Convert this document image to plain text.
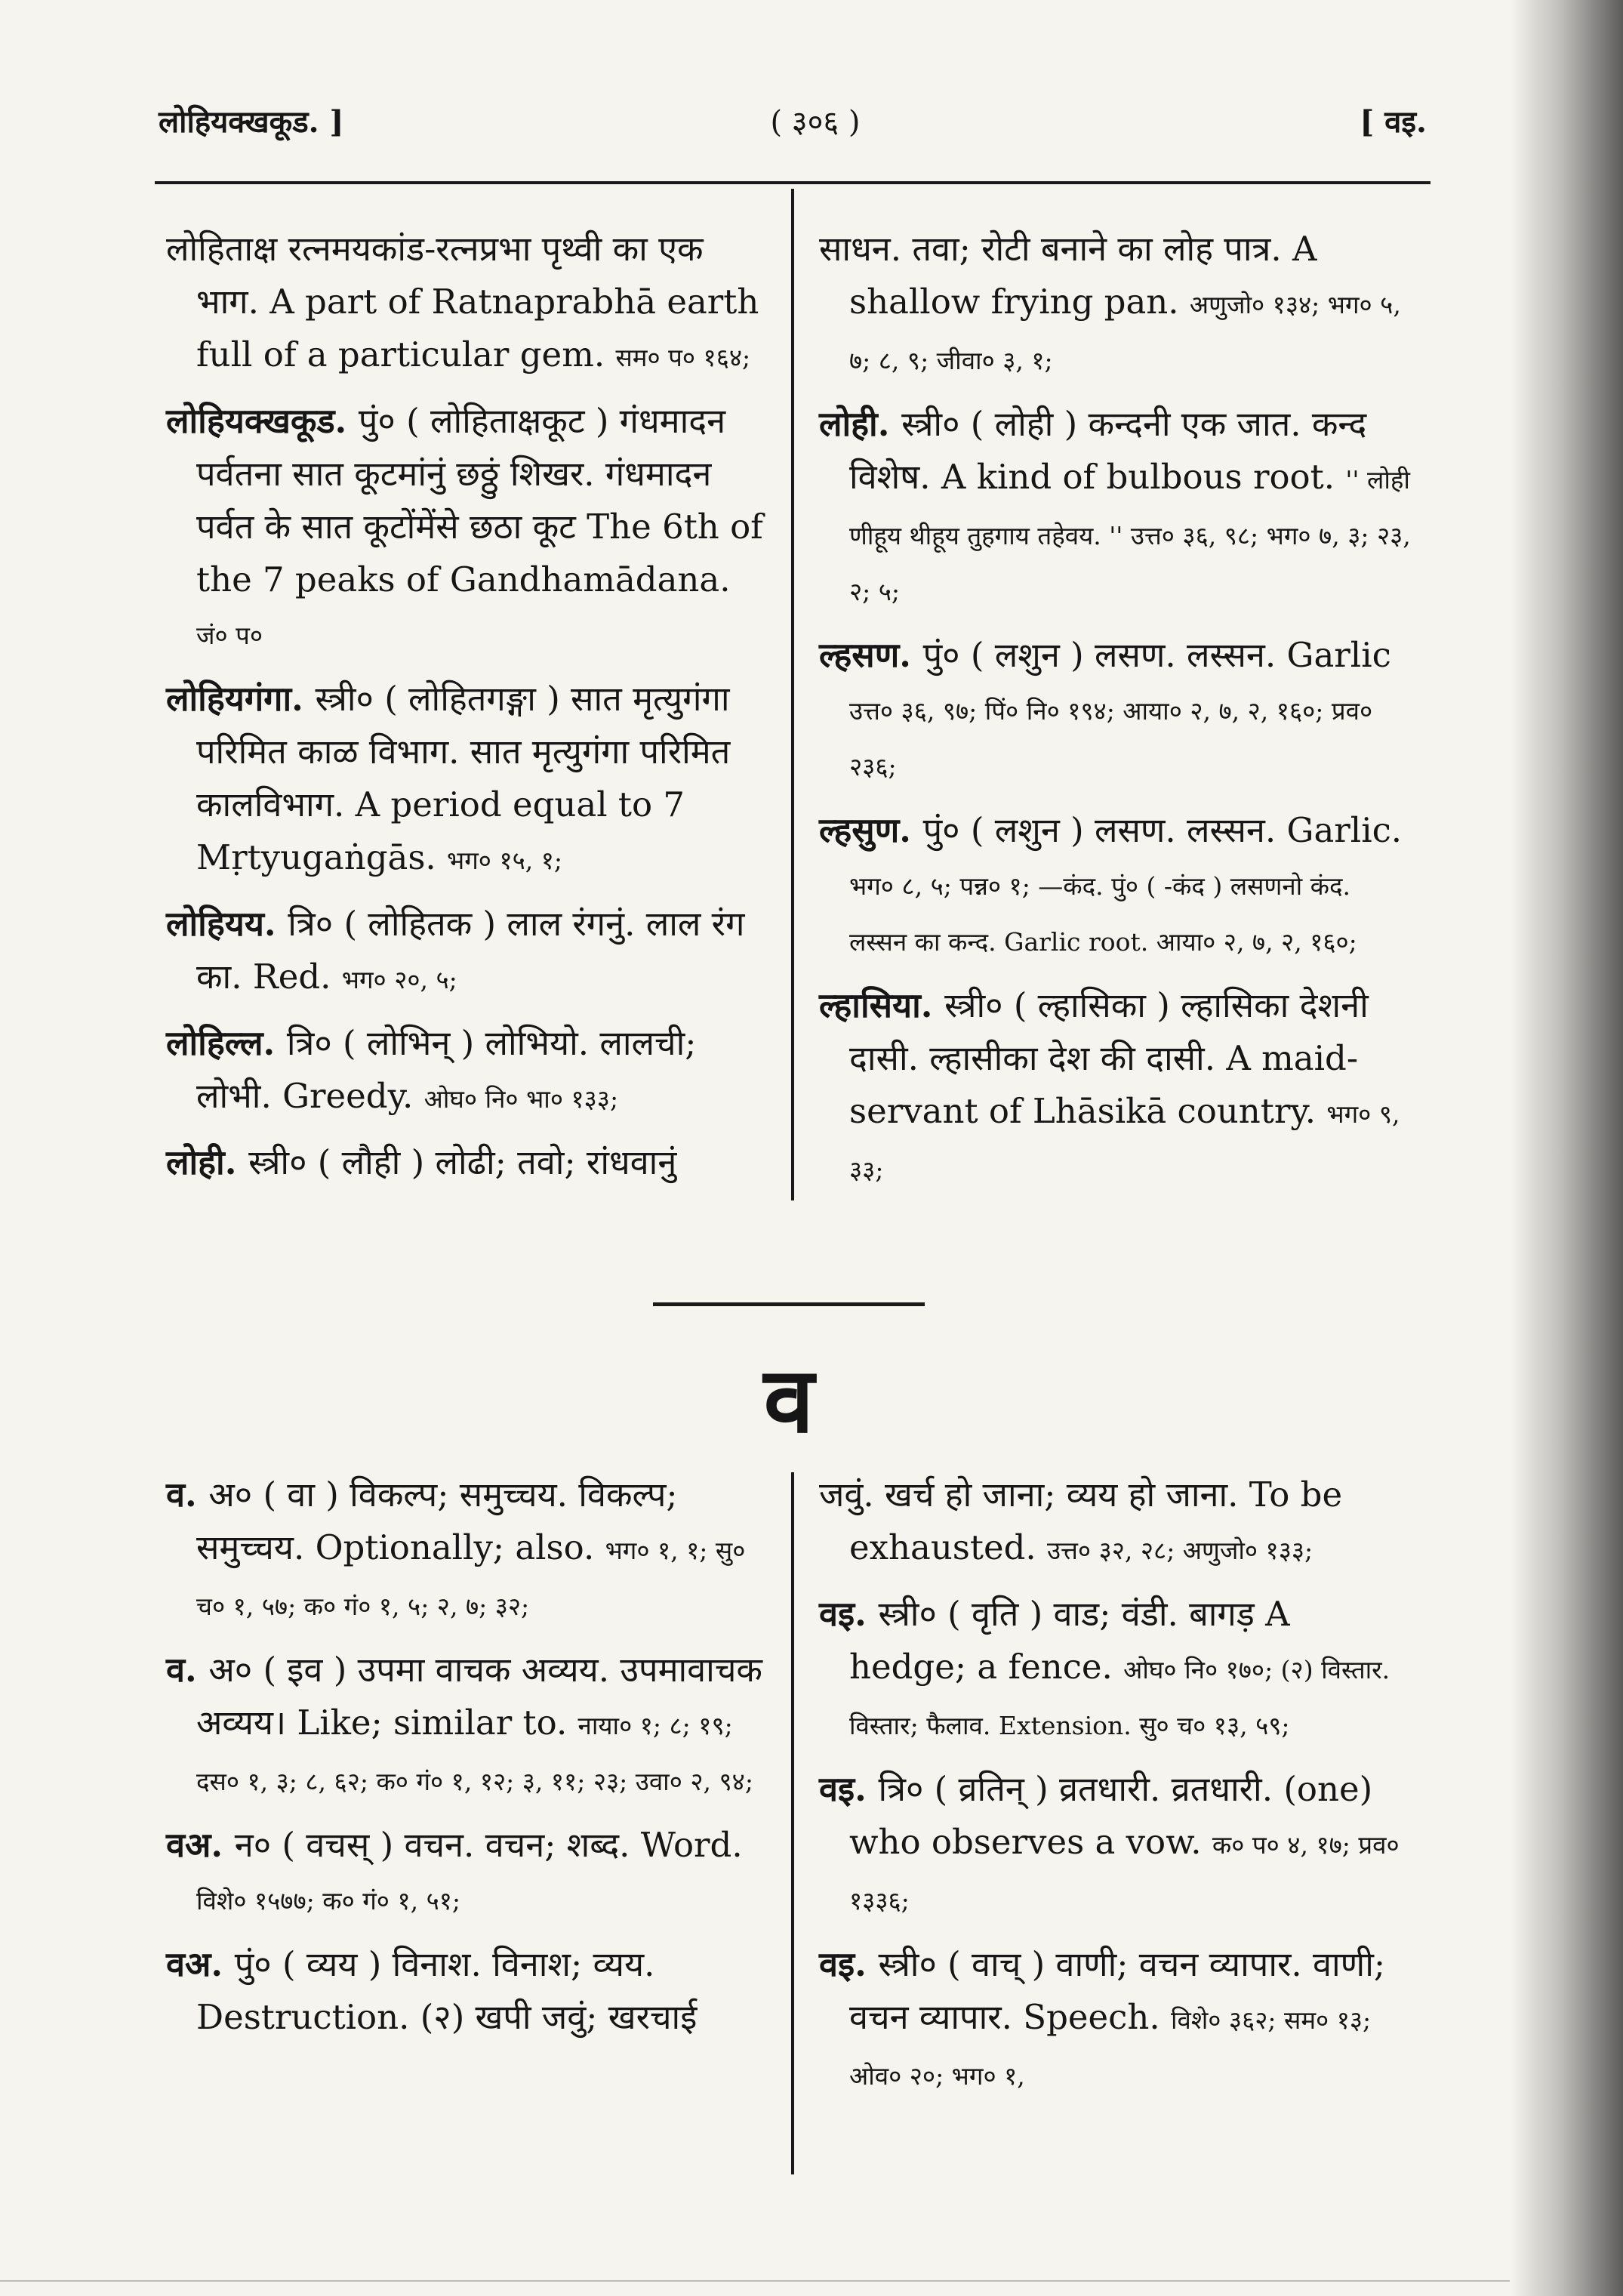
लोहियक्खकूड. ]	( ३०६ )	[ वइ.

लोहिताक्ष रत्नमयकांड-रत्नप्रभा पृथ्वी का एक भाग. A part of Ratnaprabhā earth full of a particular gem. सम० प० १६४;

लोहियक्खकूड. पुं० ( लोहिताक्षकूट ) गंधमादन पर्वतना सात कूटमांनुं छठ्ठुं शिखर. गंधमादन पर्वत के सात कूटोंमेंसे छठा कूट The 6th of the 7 peaks of Gandhamādana. जं० प०

लोहियगंगा. स्त्री० ( लोहितगङ्गा ) सात मृत्युगंगा परिमित काळ विभाग. सात मृत्युगंगा परिमित कालविभाग. A period equal to 7 Mṛtyugaṅgās. भग० १५, १;

लोहियय. त्रि० ( लोहितक ) लाल रंगनुं. लाल रंग का. Red. भग० २०, ५;

लोहिल्ल. त्रि० ( लोभिन् ) लोभियो. लालची; लोभी. Greedy. ओघ० नि० भा० १३३;

लोही. स्त्री० ( लौही ) लोढी; तवो; रांधवानुं

साधन. तवा; रोटी बनाने का लोह पात्र. A shallow frying pan. अणुजो० १३४; भग० ५, ७; ८, ९; जीवा० ३, १;

लोही. स्त्री० ( लोही ) कन्दनी एक जात. कन्द विशेष. A kind of bulbous root. '' लोही णीहूय थीहूय तुहगाय तहेवय. '' उत्त० ३६, ९८; भग० ७, ३; २३, २; ५;

ल्हसण. पुं० ( लशुन ) लसण. लस्सन. Garlic उत्त० ३६, ९७; पिं० नि० १९४; आया० २, ७, २, १६०; प्रव० २३६;

ल्हसुण. पुं० ( लशुन ) लसण. लस्सन. Garlic. भग० ८, ५; पन्न० १; —कंद. पुं० ( -कंद ) लसणनो कंद. लस्सन का कन्द. Garlic root. आया० २, ७, २, १६०;

ल्हासिया. स्त्री० ( ल्हासिका ) ल्हासिका देशनी दासी. ल्हासीका देश की दासी. A maid-servant of Lhāsikā country. भग० ९, ३३;

व

व. अ० ( वा ) विकल्प; समुच्चय. विकल्प; समुच्चय. Optionally; also. भग० १, १; सु० च० १, ५७; क० गं० १, ५; २, ७; ३२;

व. अ० ( इव ) उपमा वाचक अव्यय. उपमावाचक अव्यय। Like; similar to. नाया० १; ८; १९; दस० १, ३; ८, ६२; क० गं० १, १२; ३, ११; २३; उवा० २, ९४;

वअ. न० ( वचस् ) वचन. वचन; शब्द. Word. विशे० १५७७; क० गं० १, ५१;

वअ. पुं० ( व्यय ) विनाश. विनाश; व्यय. Destruction. (२) खपी जवुं; खरचाई

जवुं. खर्च हो जाना; व्यय हो जाना. To be exhausted. उत्त० ३२, २८; अणुजो० १३३;

वइ. स्त्री० ( वृति ) वाड; वंडी. बागड़ A hedge; a fence. ओघ० नि० १७०; (२) विस्तार. विस्तार; फैलाव. Extension. सु० च० १३, ५९;

वइ. त्रि० ( व्रतिन् ) व्रतधारी. व्रतधारी. (one) who observes a vow. क० प० ४, १७; प्रव० १३३६;

वइ. स्त्री० ( वाच् ) वाणी; वचन व्यापार. वाणी; वचन व्यापार. Speech. विशे० ३६२; सम० १३; ओव० २०; भग० १,
